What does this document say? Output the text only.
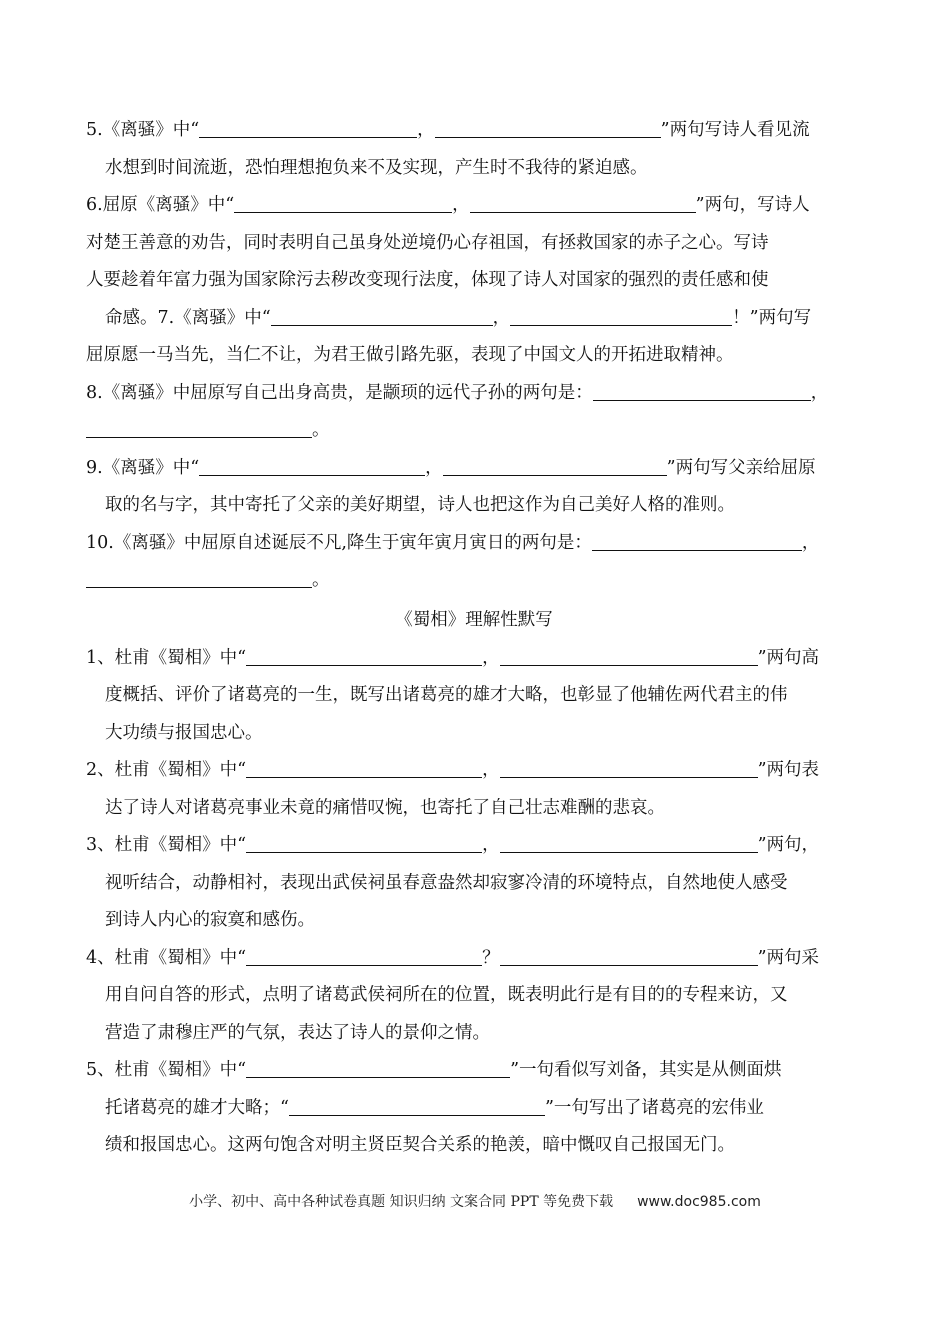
5.《离骚》中“	，	”两句写诗人看见流
水想到时间流逝，恐怕理想抱负来不及实现，产生时不我待的紧迫感。
6.屈原《离骚》中“	，	”两句，写诗人
对楚王善意的劝告，同时表明自己虽身处逆境仍心存祖国，有拯救国家的赤子之心。写诗
人要趁着年富力强为国家除污去秽改变现行法度，体现了诗人对国家的强烈的责任感和使
命感。7.《离骚》中“	，	！”两句写
屈原愿一马当先，当仁不让，为君王做引路先驱，表现了中国文人的开拓进取精神。
8.《离骚》中屈原写自己出身高贵，是颛顼的远代子孙的两句是：	，
。
9.《离骚》中“	，	”两句写父亲给屈原
取的名与字，其中寄托了父亲的美好期望，诗人也把这作为自己美好人格的准则。
10.《离骚》中屈原自述诞辰不凡,降生于寅年寅月寅日的两句是：	，
。
《蜀相》理解性默写
1、杜甫《蜀相》中“	，	”两句高
度概括、评价了诸葛亮的一生，既写出诸葛亮的雄才大略，也彰显了他辅佐两代君主的伟
大功绩与报国忠心。
2、杜甫《蜀相》中“	，	”两句表
达了诗人对诸葛亮事业未竟的痛惜叹惋，也寄托了自己壮志难酬的悲哀。
3、杜甫《蜀相》中“	，	”两句，
视听结合，动静相衬，表现出武侯祠虽春意盎然却寂寥冷清的环境特点，自然地使人感受
到诗人内心的寂寞和感伤。
4、杜甫《蜀相》中“	？	”两句采
用自问自答的形式，点明了诸葛武侯祠所在的位置，既表明此行是有目的的专程来访，又
营造了肃穆庄严的气氛，表达了诗人的景仰之情。
5、杜甫《蜀相》中“	”一句看似写刘备，其实是从侧面烘
托诸葛亮的雄才大略；“	”一句写出了诸葛亮的宏伟业
绩和报国忠心。这两句饱含对明主贤臣契合关系的艳羡，暗中慨叹自己报国无门。
小学、初中、高中各种试卷真题 知识归纳 文案合同 PPT 等免费下载 www.doc985.com
